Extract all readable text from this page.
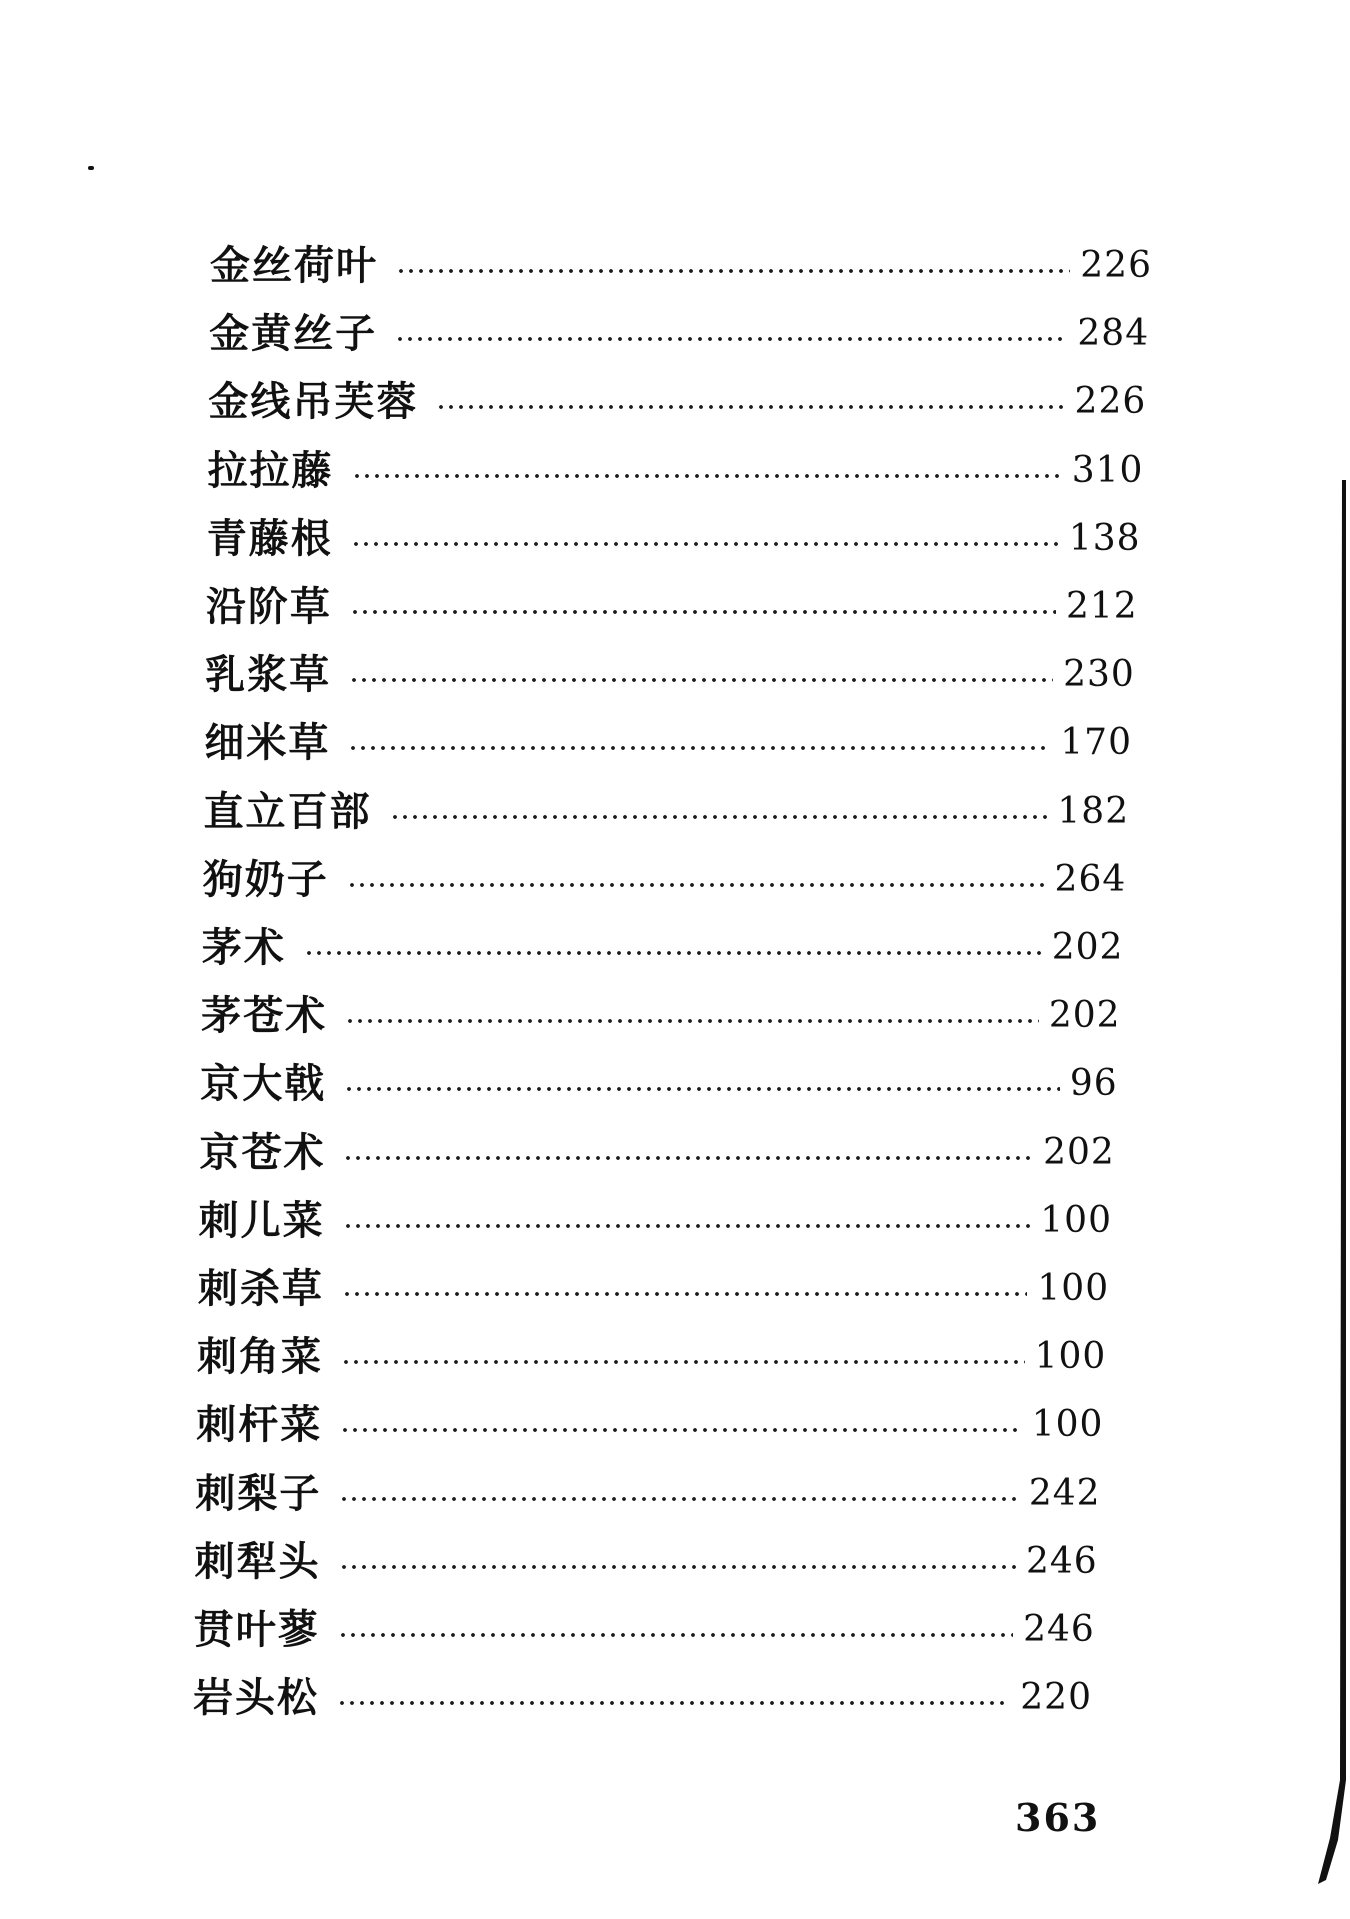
金丝荷叶	226
金黄丝子	284
金线吊芙蓉	226
拉拉藤	310
青藤根	138
沿阶草	212
乳浆草	230
细米草	170
直立百部	182
狗奶子	264
茅术	202
茅苍术	202
京大戟	96
京苍术	202
刺儿菜	100
刺杀草	100
刺角菜	100
刺杆菜	100
刺梨子	242
刺犁头	246
贯叶蓼	246
岩头松	220
363
